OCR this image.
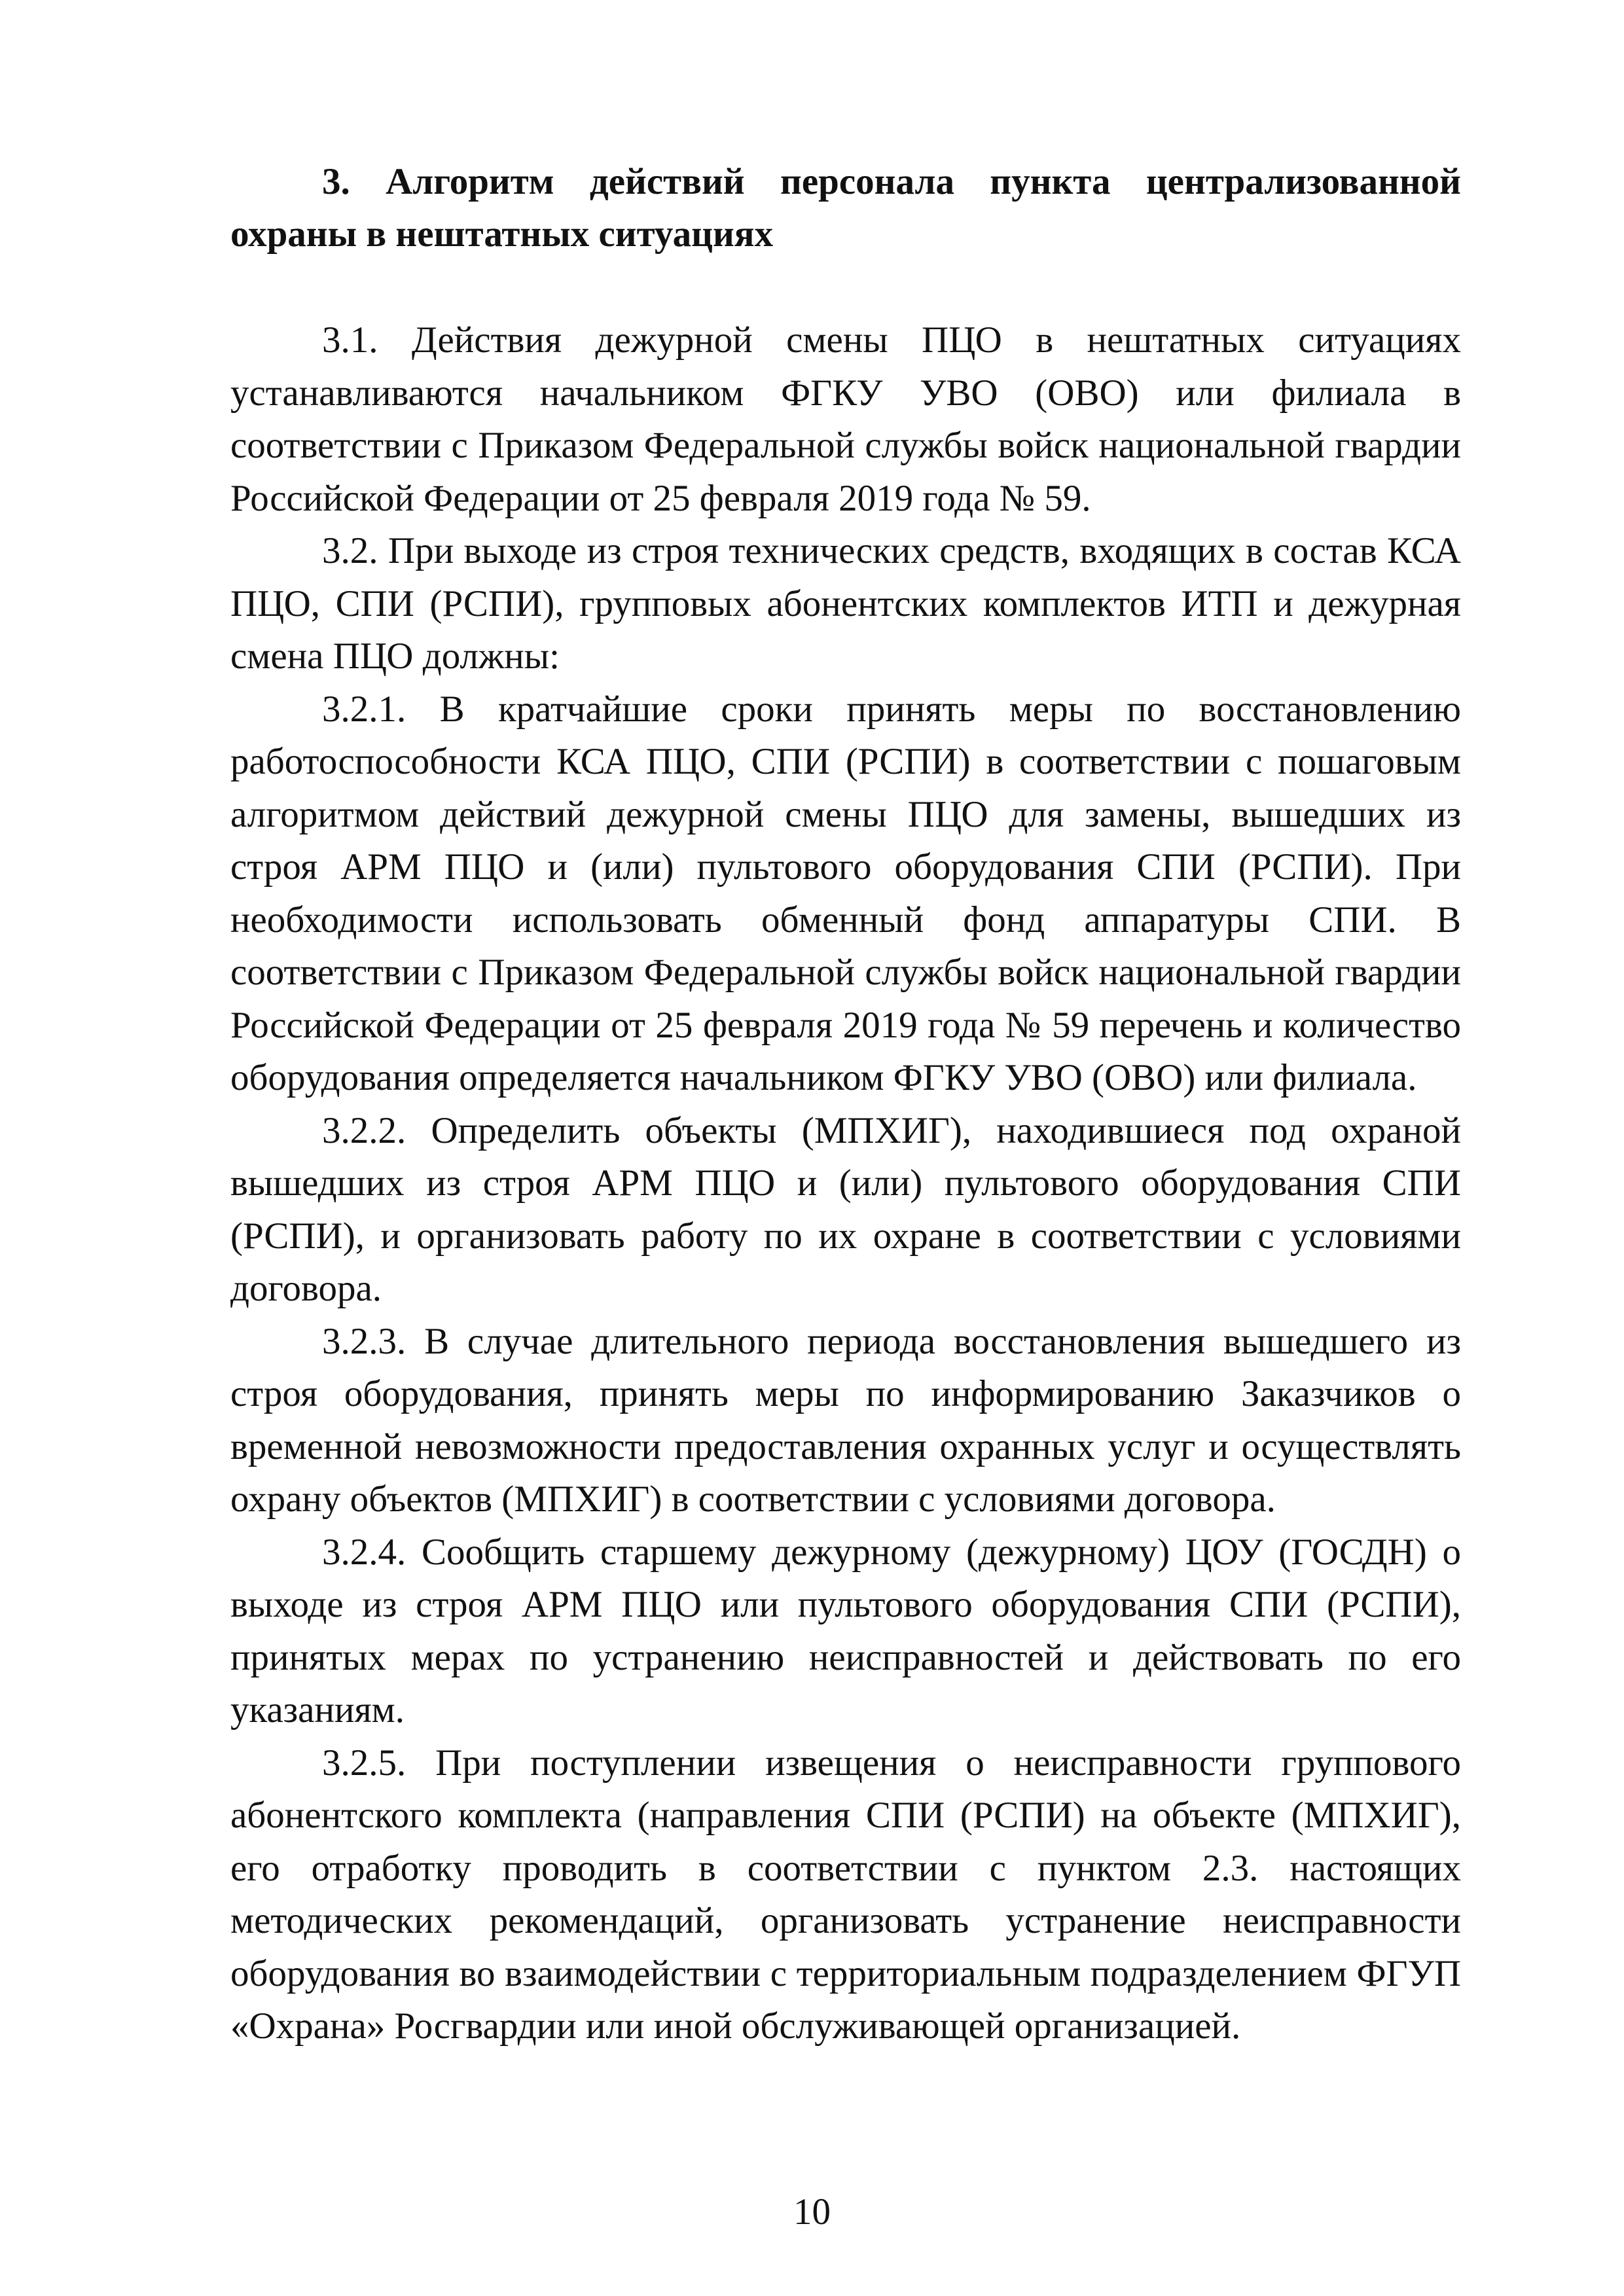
3. Алгоритм действий персонала пункта централизованной охраны в нештатных ситуациях

3.1. Действия дежурной смены ПЦО в нештатных ситуациях устанавливаются начальником ФГКУ УВО (ОВО) или филиала в соответствии с Приказом Федеральной службы войск национальной гвардии Российской Федерации от 25 февраля 2019 года № 59.

3.2. При выходе из строя технических средств, входящих в состав КСА ПЦО, СПИ (РСПИ), групповых абонентских комплектов ИТП и дежурная смена ПЦО должны:

3.2.1. В кратчайшие сроки принять меры по восстановлению работоспособности КСА ПЦО, СПИ (РСПИ) в соответствии с пошаговым алгоритмом действий дежурной смены ПЦО для замены, вышедших из строя АРМ ПЦО и (или) пультового оборудования СПИ (РСПИ). При необходимости использовать обменный фонд аппаратуры СПИ. В соответствии с Приказом Федеральной службы войск национальной гвардии Российской Федерации от 25 февраля 2019 года № 59 перечень и количество оборудования определяется начальником ФГКУ УВО (ОВО) или филиала.

3.2.2. Определить объекты (МПХИГ), находившиеся под охраной вышедших из строя АРМ ПЦО и (или) пультового оборудования СПИ (РСПИ), и организовать работу по их охране в соответствии с условиями договора.

3.2.3. В случае длительного периода восстановления вышедшего из строя оборудования, принять меры по информированию Заказчиков о временной невозможности предоставления охранных услуг и осуществлять охрану объектов (МПХИГ) в соответствии с условиями договора.

3.2.4. Сообщить старшему дежурному (дежурному) ЦОУ (ГОСДН) о выходе из строя АРМ ПЦО или пультового оборудования СПИ (РСПИ), принятых мерах по устранению неисправностей и действовать по его указаниям.

3.2.5. При поступлении извещения о неисправности группового абонентского комплекта (направления СПИ (РСПИ) на объекте (МПХИГ), его отработку проводить в соответствии с пунктом 2.3. настоящих методических рекомендаций, организовать устранение неисправности оборудования во взаимодействии с территориальным подразделением ФГУП «Охрана» Росгвардии или иной обслуживающей организацией.

10
